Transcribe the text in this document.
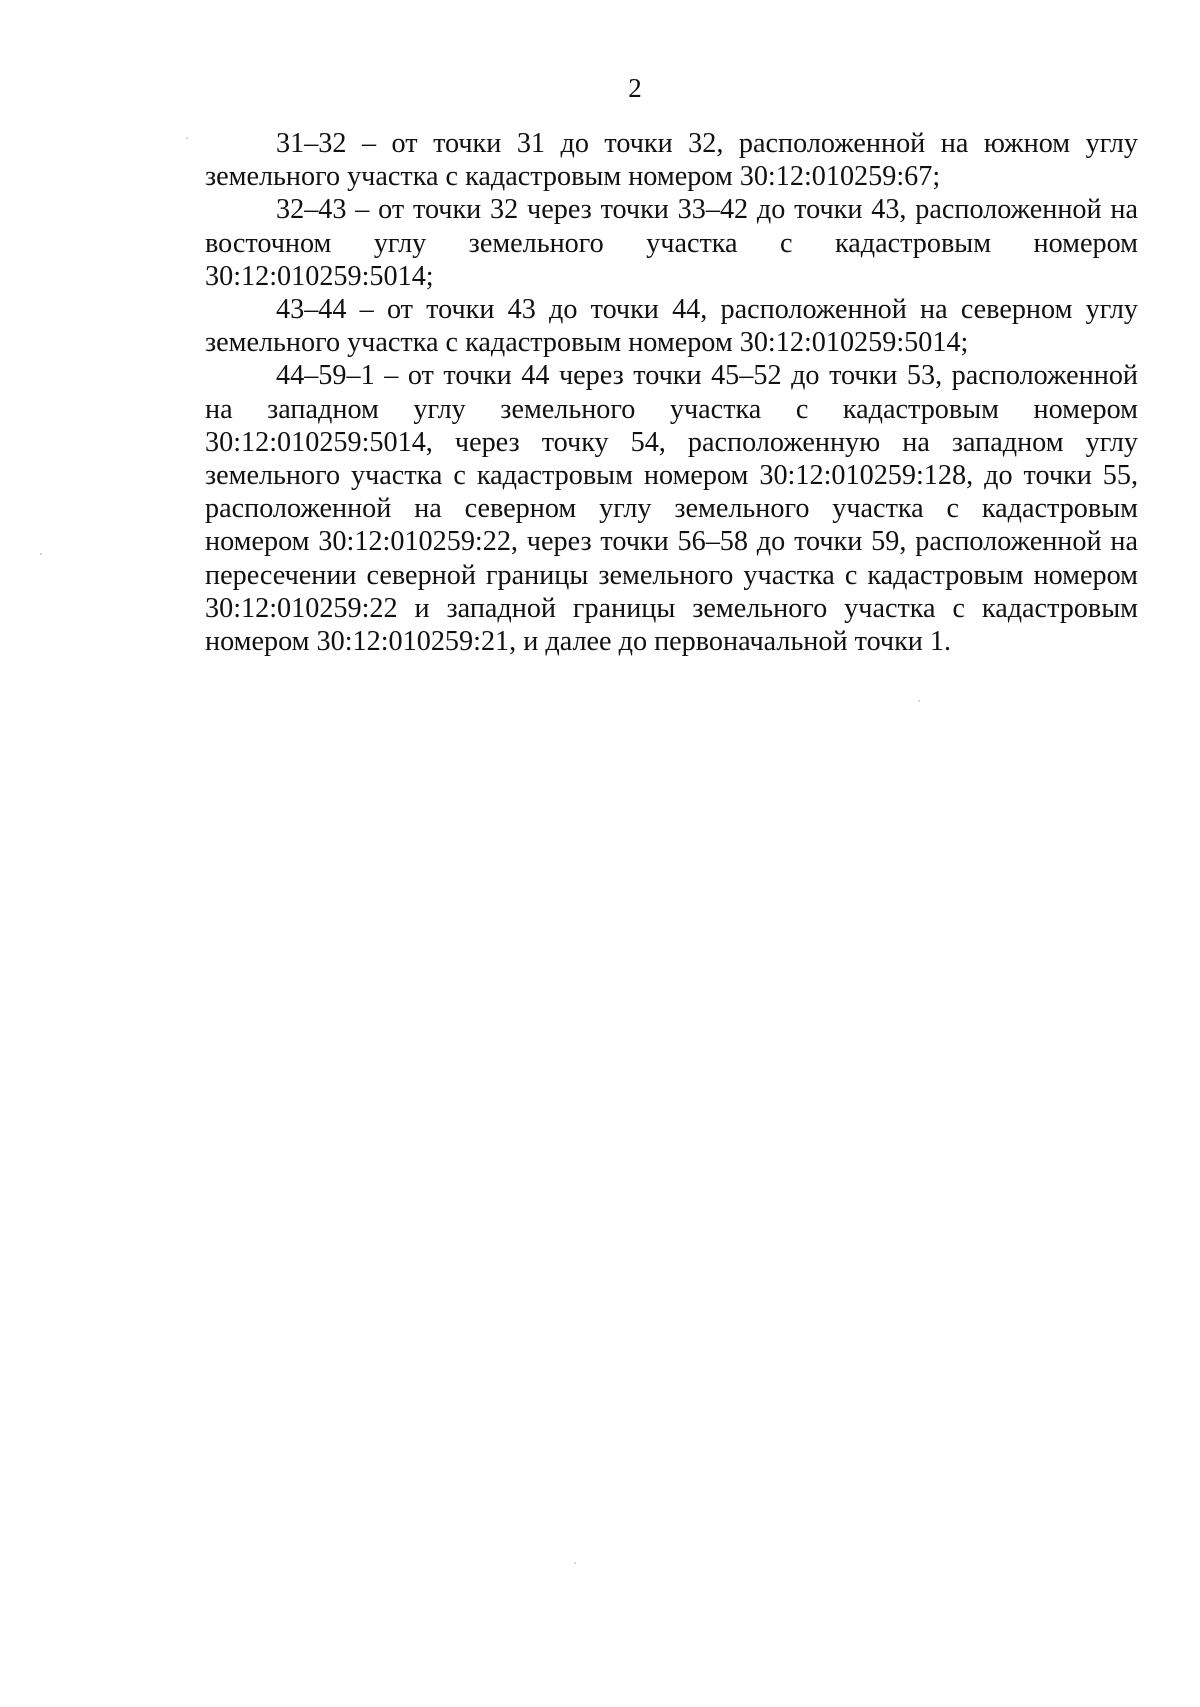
2

31–32 – от точки 31 до точки 32, расположенной на южном углу земельного участка с кадастровым номером 30:12:010259:67;

32–43 – от точки 32 через точки 33–42 до точки 43, расположенной на восточном углу земельного участка с кадастровым номером 30:12:010259:5014;

43–44 – от точки 43 до точки 44, расположенной на северном углу земельного участка с кадастровым номером 30:12:010259:5014;

44–59–1 – от точки 44 через точки 45–52 до точки 53, расположенной на западном углу земельного участка с кадастровым номером 30:12:010259:5014, через точку 54, расположенную на западном углу земельного участка с кадастровым номером 30:12:010259:128, до точки 55, расположенной на северном углу земельного участка с кадастровым номером 30:12:010259:22, через точки 56–58 до точки 59, расположенной на пересечении северной границы земельного участка с кадастровым номером 30:12:010259:22 и западной границы земельного участка с кадастровым номером 30:12:010259:21, и далее до первоначальной точки 1.
